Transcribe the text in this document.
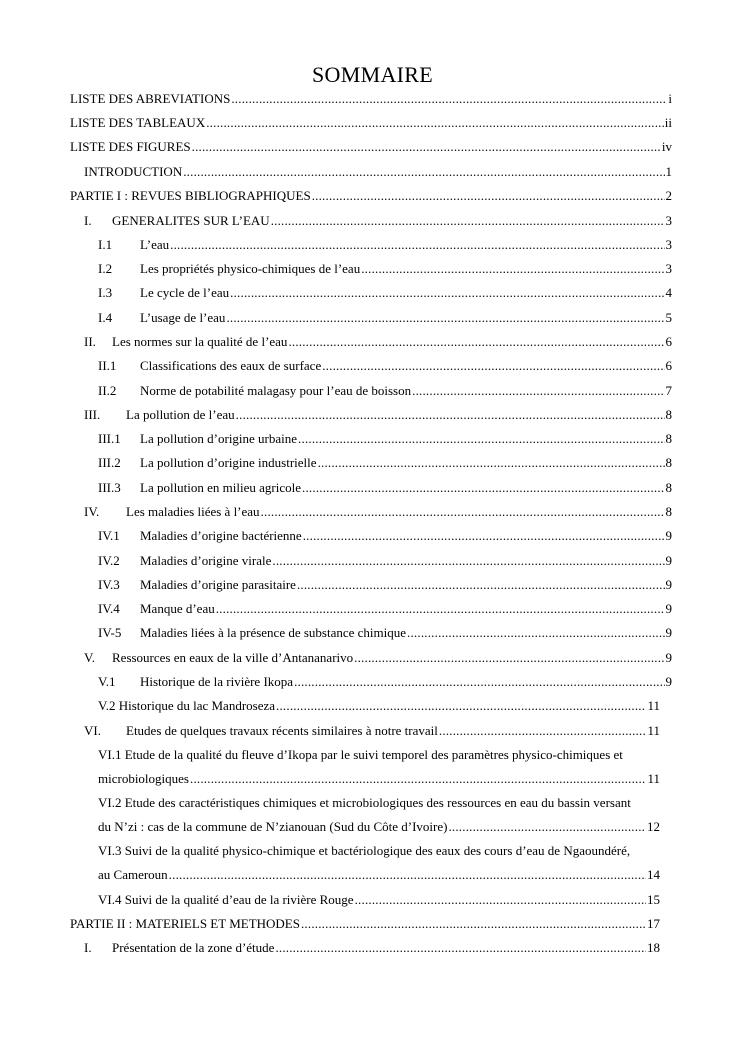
SOMMAIRE
LISTE DES ABREVIATIONS .....	i
LISTE DES TABLEAUX .....	ii
LISTE DES FIGURES .....	iv
INTRODUCTION .....	1
PARTIE I : REVUES BIBLIOGRAPHIQUES .....	2
I.	GENERALITES SUR L’EAU .....	3
I.1	L’eau .....	3
I.2	Les propriétés physico-chimiques de l’eau .....	3
I.3	Le cycle de l’eau .....	4
I.4	L’usage de l’eau .....	5
II.	Les normes sur la qualité de l’eau .....	6
II.1	Classifications des eaux de surface .....	6
II.2	Norme de potabilité malagasy pour l’eau de boisson .....	7
III.	La pollution de l’eau .....	8
III.1	La pollution d’origine urbaine .....	8
III.2	La pollution d’origine industrielle .....	8
III.3	La pollution en milieu agricole .....	8
IV.	Les maladies liées à l’eau .....	8
IV.1	Maladies d’origine bactérienne .....	9
IV.2	Maladies d’origine virale .....	9
IV.3	Maladies d’origine parasitaire .....	9
IV.4	Manque d’eau .....	9
IV-5	Maladies liées à la présence de substance chimique .....	9
V.	Ressources en eaux de la ville d’Antananarivo .....	9
V.1	Historique de la rivière Ikopa .....	9
V.2 Historique du lac Mandroseza .....	11
VI.	Etudes de quelques travaux récents similaires à notre travail .....	11
VI.1 Etude de la qualité du fleuve d’Ikopa par le suivi temporel des paramètres physico-chimiques et
microbiologiques .....	11
VI.2 Etude des caractéristiques chimiques et microbiologiques des ressources en eau du bassin versant
du N’zi : cas de la commune de N’zianouan (Sud du Côte d’Ivoire) .....	12
VI.3 Suivi de la qualité physico-chimique et bactériologique des eaux des cours d’eau de Ngaoundéré,
au Cameroun .....	14
VI.4 Suivi de la qualité d’eau de la rivière Rouge .....	15
PARTIE II : MATERIELS ET METHODES .....	17
I.	Présentation de la zone d’étude .....	18
